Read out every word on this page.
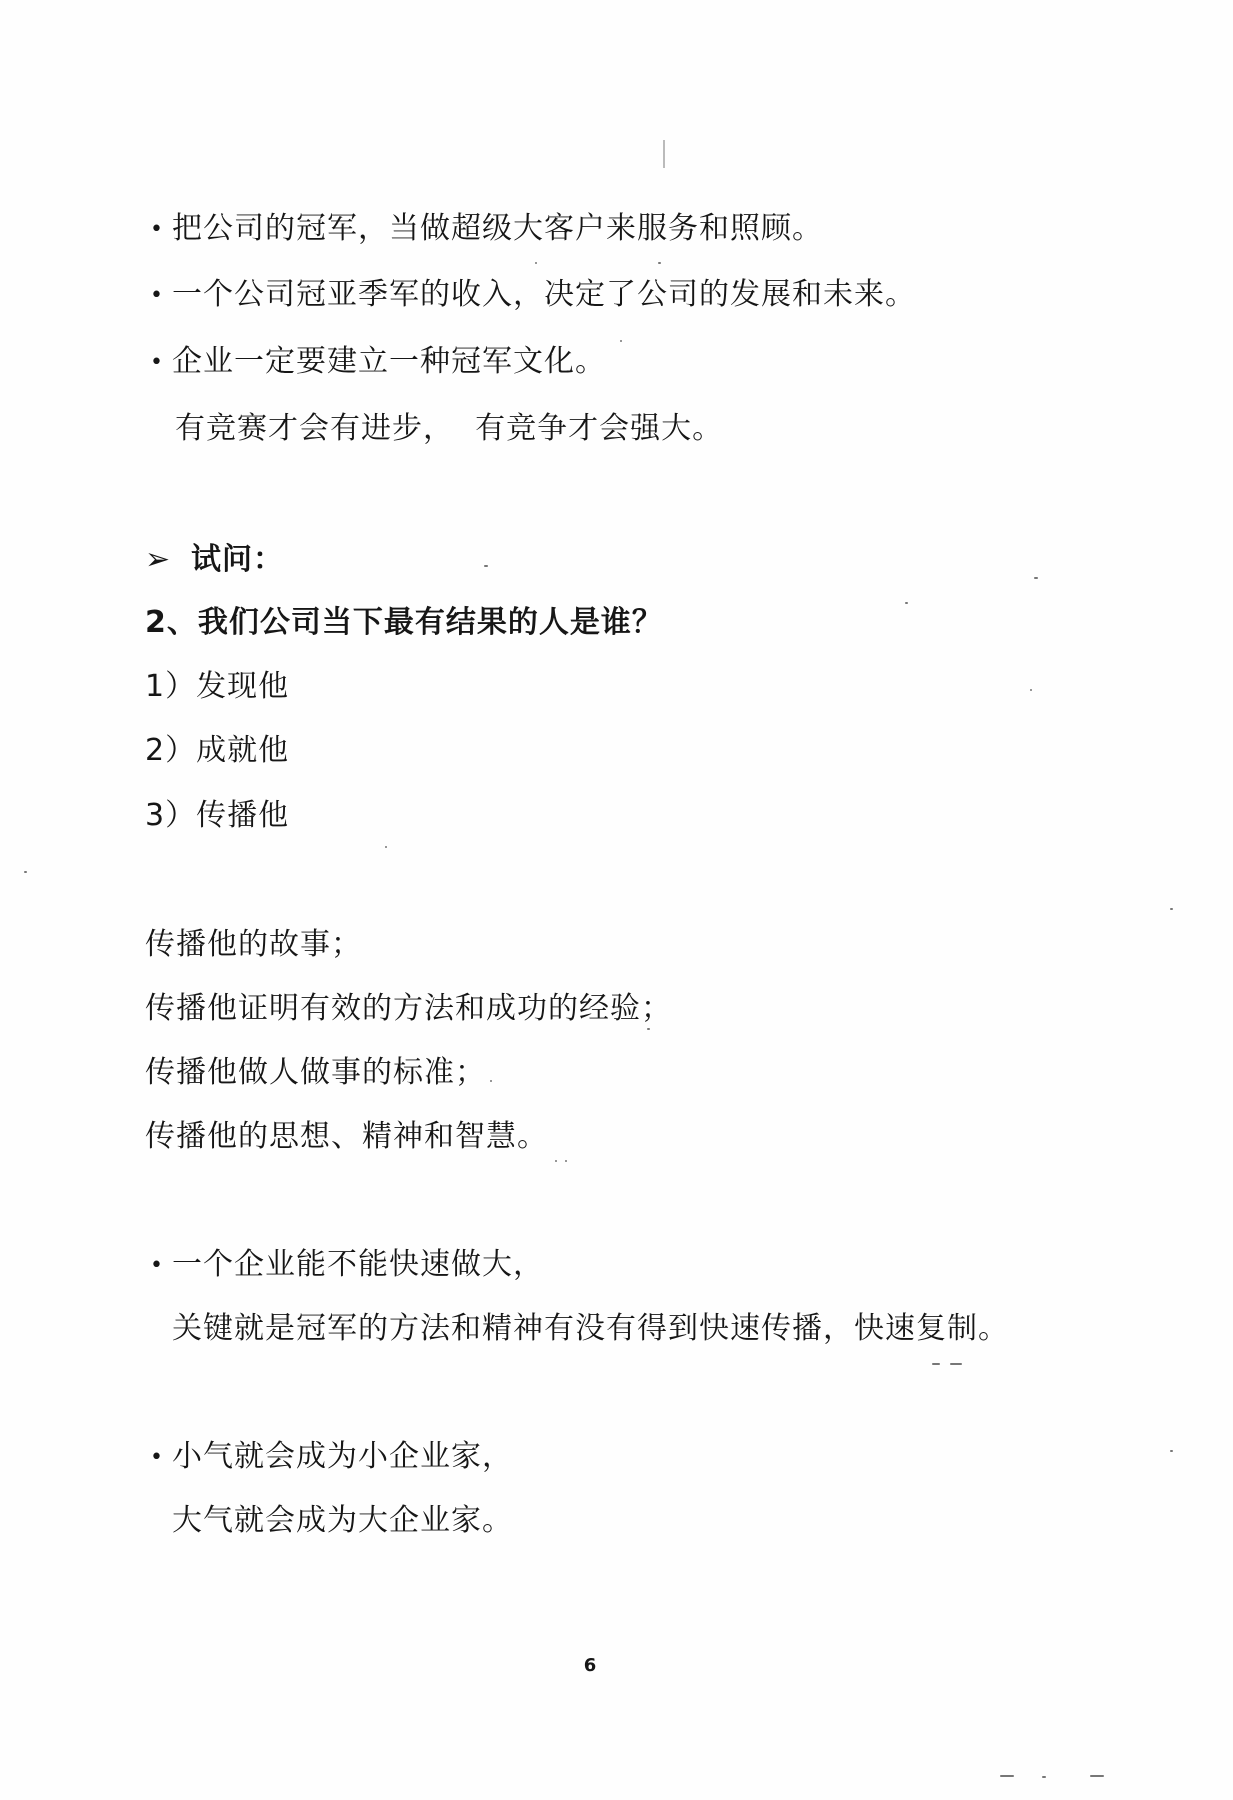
• 把公司的冠军，当做超级大客户来服务和照顾。
• 一个公司冠亚季军的收入，决定了公司的发展和未来。
• 企业一定要建立一种冠军文化。
有竞赛才会有进步，  有竞争才会强大。
➢ 试问：
2、我们公司当下最有结果的人是谁？
1）发现他
2）成就他
3）传播他
传播他的故事；
传播他证明有效的方法和成功的经验；
传播他做人做事的标准；
传播他的思想、精神和智慧。
• 一个企业能不能快速做大，
关键就是冠军的方法和精神有没有得到快速传播，快速复制。
• 小气就会成为小企业家，
大气就会成为大企业家。
6
